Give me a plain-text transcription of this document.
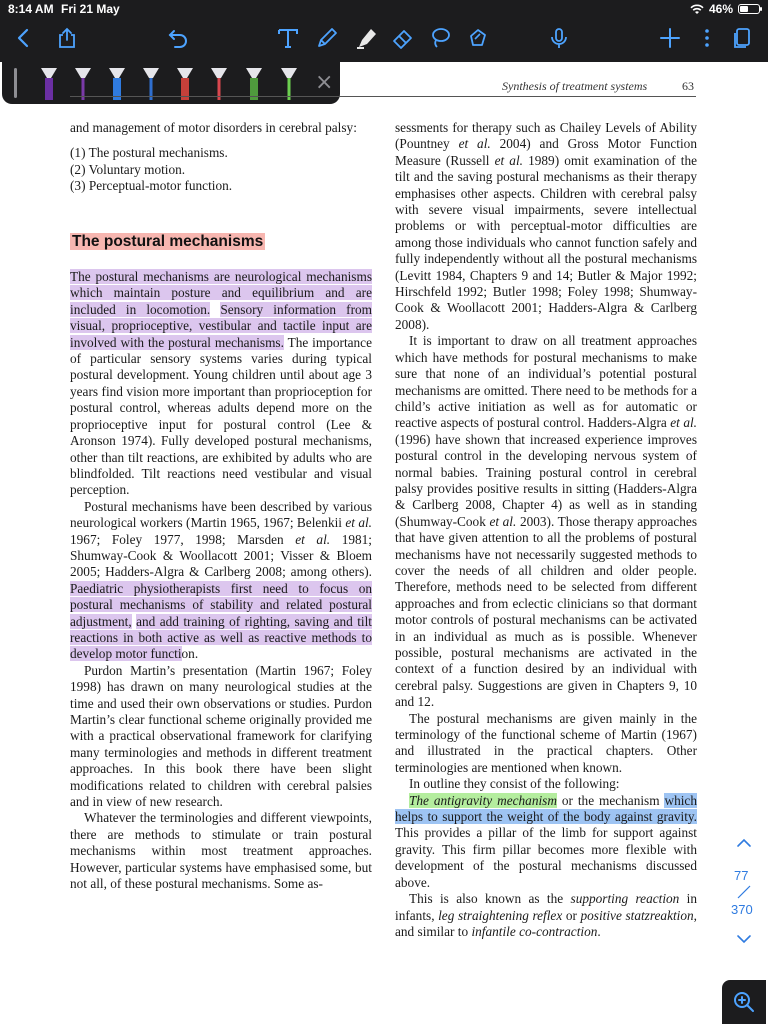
8:14 AM Fri 21 May	46%
×	Synthesis of treatment systems	63

and management of motor disorders in cerebral palsy:

(1) The postural mechanisms.
(2) Voluntary motion.
(3) Perceptual-motor function.
The postural mechanisms

The postural mechanisms are neurological mechanisms which maintain posture and equilibrium and are included in locomotion. Sensory information from visual, proprioceptive, vestibular and tactile input are involved with the postural mechanisms. The importance of particular sensory systems varies during typical postural development. Young children until about age 3 years find vision more important than proprioception for postural control, whereas adults depend more on the proprioceptive input for postural control (Lee & Aronson 1974). Fully developed postural mechanisms, other than tilt reactions, are exhibited by adults who are blindfolded. Tilt reactions need vestibular and visual perception.

Postural mechanisms have been described by various neurological workers (Martin 1965, 1967; Belenkii et al. 1967; Foley 1977, 1998; Marsden et al. 1981; Shumway-Cook & Woollacott 2001; Visser & Bloem 2005; Hadders-Algra & Carlberg 2008; among others). Paediatric physiotherapists first need to focus on postural mechanisms of stability and related postural adjustment, and add training of righting, saving and tilt reactions in both active as well as reactive methods to develop motor function.

Purdon Martin’s presentation (Martin 1967; Foley 1998) has drawn on many neurological studies at the time and used their own observations or studies. Purdon Martin’s clear functional scheme originally provided me with a practical observational framework for clarifying many terminologies and methods in different treatment approaches. In this book there have been slight modifications related to children with cerebral palsies and in view of new research.

Whatever the terminologies and different viewpoints, there are methods to stimulate or train postural mechanisms within most treatment approaches. However, particular systems have emphasised some, but not all, of these postural mechanisms. Some as-

sessments for therapy such as Chailey Levels of Ability (Pountney et al. 2004) and Gross Motor Function Measure (Russell et al. 1989) omit examination of the tilt and the saving postural mechanisms as their therapy emphasises other aspects. Children with cerebral palsy with severe visual impairments, severe intellectual problems or with perceptual-motor difficulties are among those individuals who cannot function safely and fully independently without all the postural mechanisms (Levitt 1984, Chapters 9 and 14; Butler & Major 1992; Hirschfeld 1992; Butler 1998; Foley 1998; Shumway-Cook & Woollacott 2001; Hadders-Algra & Carlberg 2008).

It is important to draw on all treatment approaches which have methods for postural mechanisms to make sure that none of an individual’s potential postural mechanisms are omitted. There need to be methods for a child’s active initiation as well as for automatic or reactive aspects of postural control. Hadders-Algra et al. (1996) have shown that increased experience improves postural control in the developing nervous system of normal babies. Training postural control in cerebral palsy provides positive results in sitting (Hadders-Algra & Carlberg 2008, Chapter 4) as well as in standing (Shumway-Cook et al. 2003). Those therapy approaches that have given attention to all the problems of postural mechanisms have not necessarily suggested methods to cover the needs of all children and older people. Therefore, methods need to be selected from different approaches and from eclectic clinicians so that dormant motor controls of postural mechanisms can be activated in an individual as much as is possible. Whenever possible, postural mechanisms are activated in the context of a function desired by an individual with cerebral palsy. Suggestions are given in Chapters 9, 10 and 12.

The postural mechanisms are given mainly in the terminology of the functional scheme of Martin (1967) and illustrated in the practical chapters. Other terminologies are mentioned when known.

In outline they consist of the following:

The antigravity mechanism or the mechanism which helps to support the weight of the body against gravity. This provides a pillar of the limb for support against gravity. This firm pillar becomes more flexible with development of the postural mechanisms discussed above.

This is also known as the supporting reaction in infants, leg straightening reflex or positive statzreaktion, and similar to infantile co-contraction.

77
370
